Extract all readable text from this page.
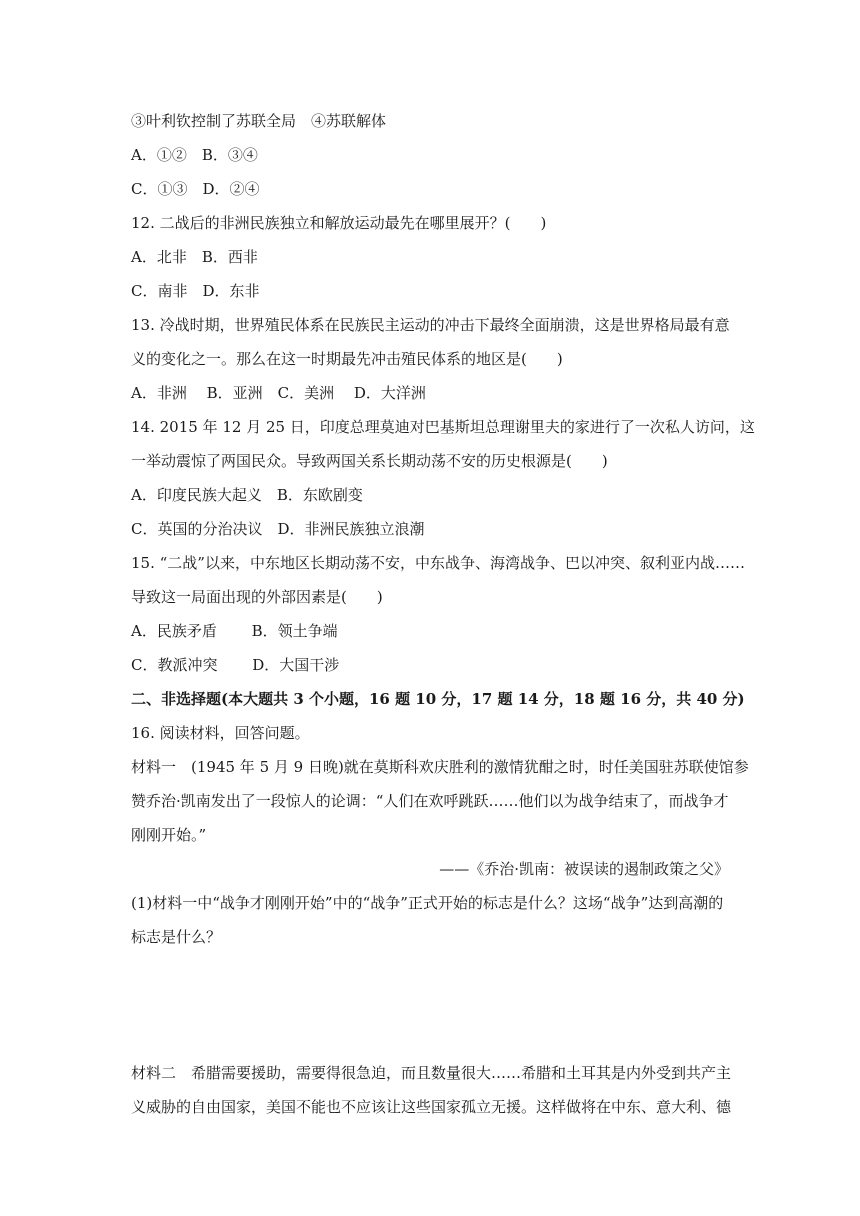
③叶利钦控制了苏联全局　④苏联解体
A．①②　B．③④
C．①③　D．②④
12. 二战后的非洲民族独立和解放运动最先在哪里展开？(　　)
A．北非　B．西非
C．南非　D．东非
13. 冷战时期，世界殖民体系在民族民主运动的冲击下最终全面崩溃，这是世界格局最有意
义的变化之一。那么在这一时期最先冲击殖民体系的地区是(　　)
A．非洲　 B．亚洲　C．美洲　 D．大洋洲
14. 2015 年 12 月 25 日，印度总理莫迪对巴基斯坦总理谢里夫的家进行了一次私人访问，这
一举动震惊了两国民众。导致两国关系长期动荡不安的历史根源是(　　)
A．印度民族大起义　B．东欧剧变
C．英国的分治决议　D．非洲民族独立浪潮
15. “二战”以来，中东地区长期动荡不安，中东战争、海湾战争、巴以冲突、叙利亚内战……
导致这一局面出现的外部因素是(　　)
A．民族矛盾　　 B．领土争端
C．教派冲突　　 D．大国干涉
二、非选择题(本大题共 3 个小题，16 题 10 分，17 题 14 分，18 题 16 分，共 40 分)
16. 阅读材料，回答问题。
材料一　(1945 年 5 月 9 日晚)就在莫斯科欢庆胜利的激情犹酣之时，时任美国驻苏联使馆参
赞乔治·凯南发出了一段惊人的论调：“人们在欢呼跳跃……他们以为战争结束了，而战争才
刚刚开始。”
——《乔治·凯南：被误读的遏制政策之父》
(1)材料一中“战争才刚刚开始”中的“战争”正式开始的标志是什么？这场“战争”达到高潮的
标志是什么？
材料二　希腊需要援助，需要得很急迫，而且数量很大……希腊和土耳其是内外受到共产主
义威胁的自由国家，美国不能也不应该让这些国家孤立无援。这样做将在中东、意大利、德
